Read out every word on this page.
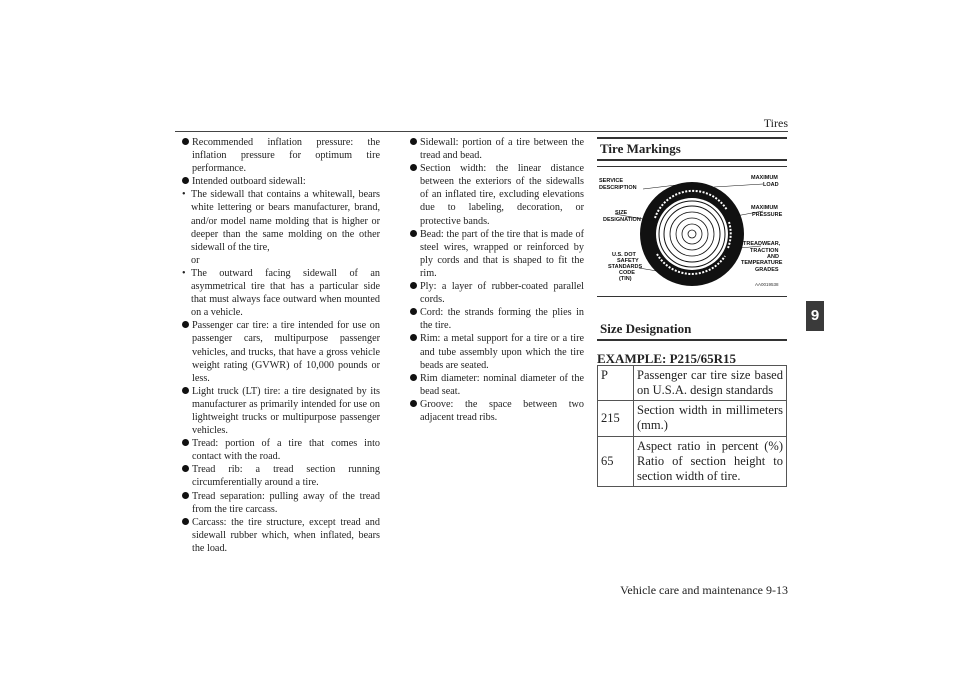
Tires
9

Recommended inflation pressure: the inflation pressure for optimum tire performance.

Intended outboard sidewall:

• The sidewall that contains a whitewall, bears white lettering or bears manufacturer, brand, and/or model name molding that is higher or deeper than the same molding on the other sidewall of the tire,

or

• The outward facing sidewall of an asymmetrical tire that has a particular side that must always face outward when mounted on a vehicle.

Passenger car tire: a tire intended for use on passenger cars, multipurpose passenger vehicles, and trucks, that have a gross vehicle weight rating (GVWR) of 10,000 pounds or less.

Light truck (LT) tire: a tire designated by its manufacturer as primarily intended for use on lightweight trucks or multipurpose passenger vehicles.

Tread: portion of a tire that comes into contact with the road.

Tread rib: a tread section running circumferentially around a tire.

Tread separation: pulling away of the tread from the tire carcass.

Carcass: the tire structure, except tread and sidewall rubber which, when inflated, bears the load.

Sidewall: portion of a tire between the tread and bead.

Section width: the linear distance between the exteriors of the sidewalls of an inflated tire, excluding elevations due to labeling, decoration, or protective bands.

Bead: the part of the tire that is made of steel wires, wrapped or reinforced by ply cords and that is shaped to fit the rim.

Ply: a layer of rubber-coated parallel cords.

Cord: the strands forming the plies in the tire.

Rim: a metal support for a tire or a tire and tube assembly upon which the tire beads are seated.

Rim diameter: nominal diameter of the bead seat.

Groove: the space between two adjacent tread ribs.

Tire Markings
SERVICE
DESCRIPTION
SIZE
DESIGNATION
U.S. DOT
SAFETY
STANDARDS
CODE
(TIN)
MAXIMUM
LOAD
MAXIMUM
PRESSURE
TREADWEAR,
TRACTION
AND
TEMPERATURE
GRADES
AA0019538
Size Designation
EXAMPLE: P215/65R15
P	Passenger car tire size based on U.S.A. design standards
215	Section width in millimeters (mm.)
65	Aspect ratio in percent (%) Ratio of section height to section width of tire.
Vehicle care and maintenance 9-13
